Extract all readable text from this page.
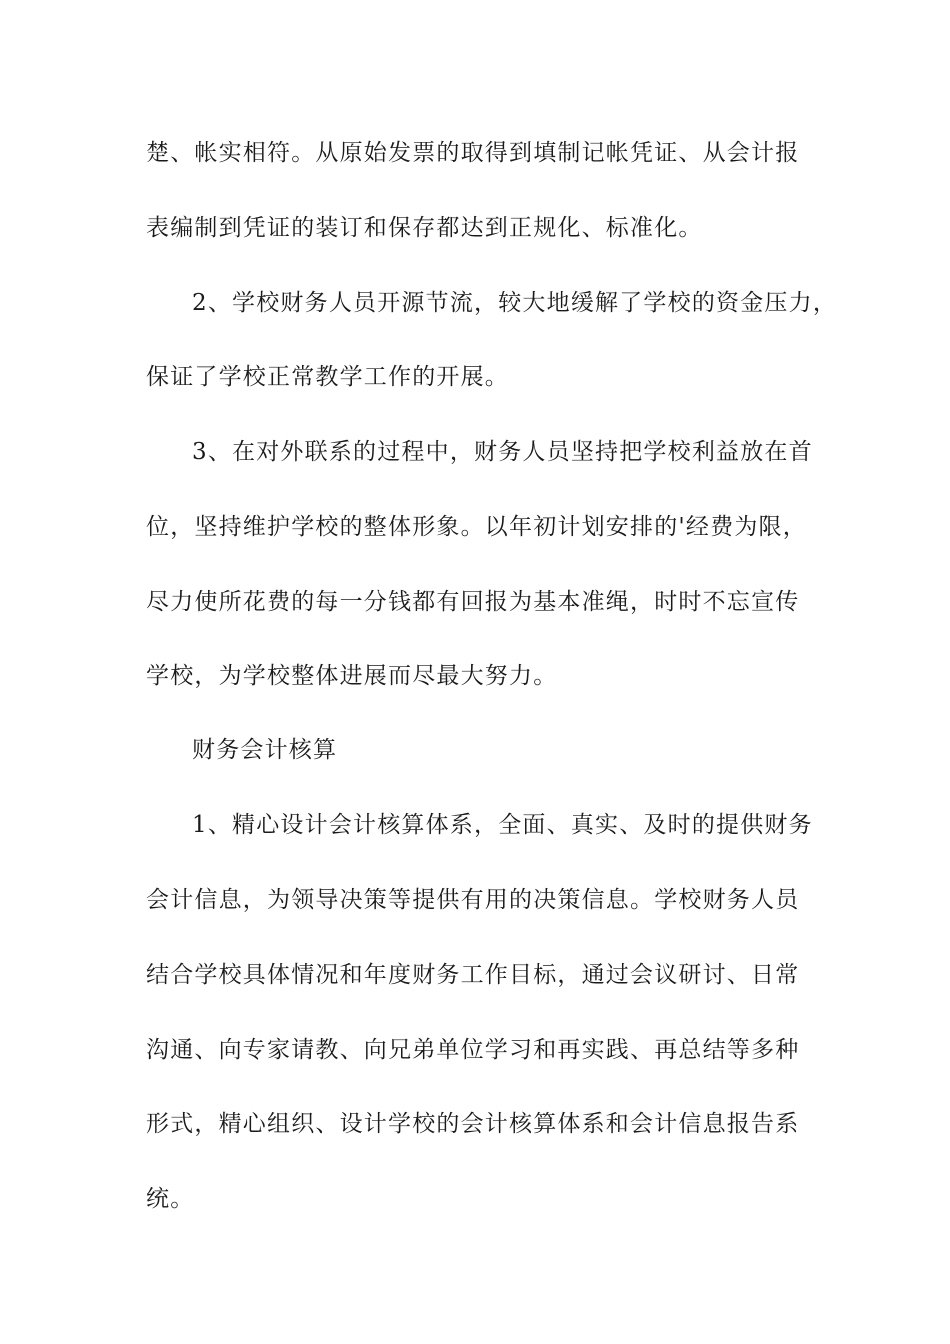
楚、帐实相符。从原始发票的取得到填制记帐凭证、从会计报
表编制到凭证的装订和保存都达到正规化、标准化。
2、学校财务人员开源节流，较大地缓解了学校的资金压力，
保证了学校正常教学工作的开展。
3、在对外联系的过程中，财务人员坚持把学校利益放在首
位，坚持维护学校的整体形象。以年初计划安排的'经费为限，
尽力使所花费的每一分钱都有回报为基本准绳，时时不忘宣传
学校，为学校整体进展而尽最大努力。
财务会计核算
1、精心设计会计核算体系，全面、真实、及时的提供财务
会计信息，为领导决策等提供有用的决策信息。学校财务人员
结合学校具体情况和年度财务工作目标，通过会议研讨、日常
沟通、向专家请教、向兄弟单位学习和再实践、再总结等多种
形式，精心组织、设计学校的会计核算体系和会计信息报告系
统。
